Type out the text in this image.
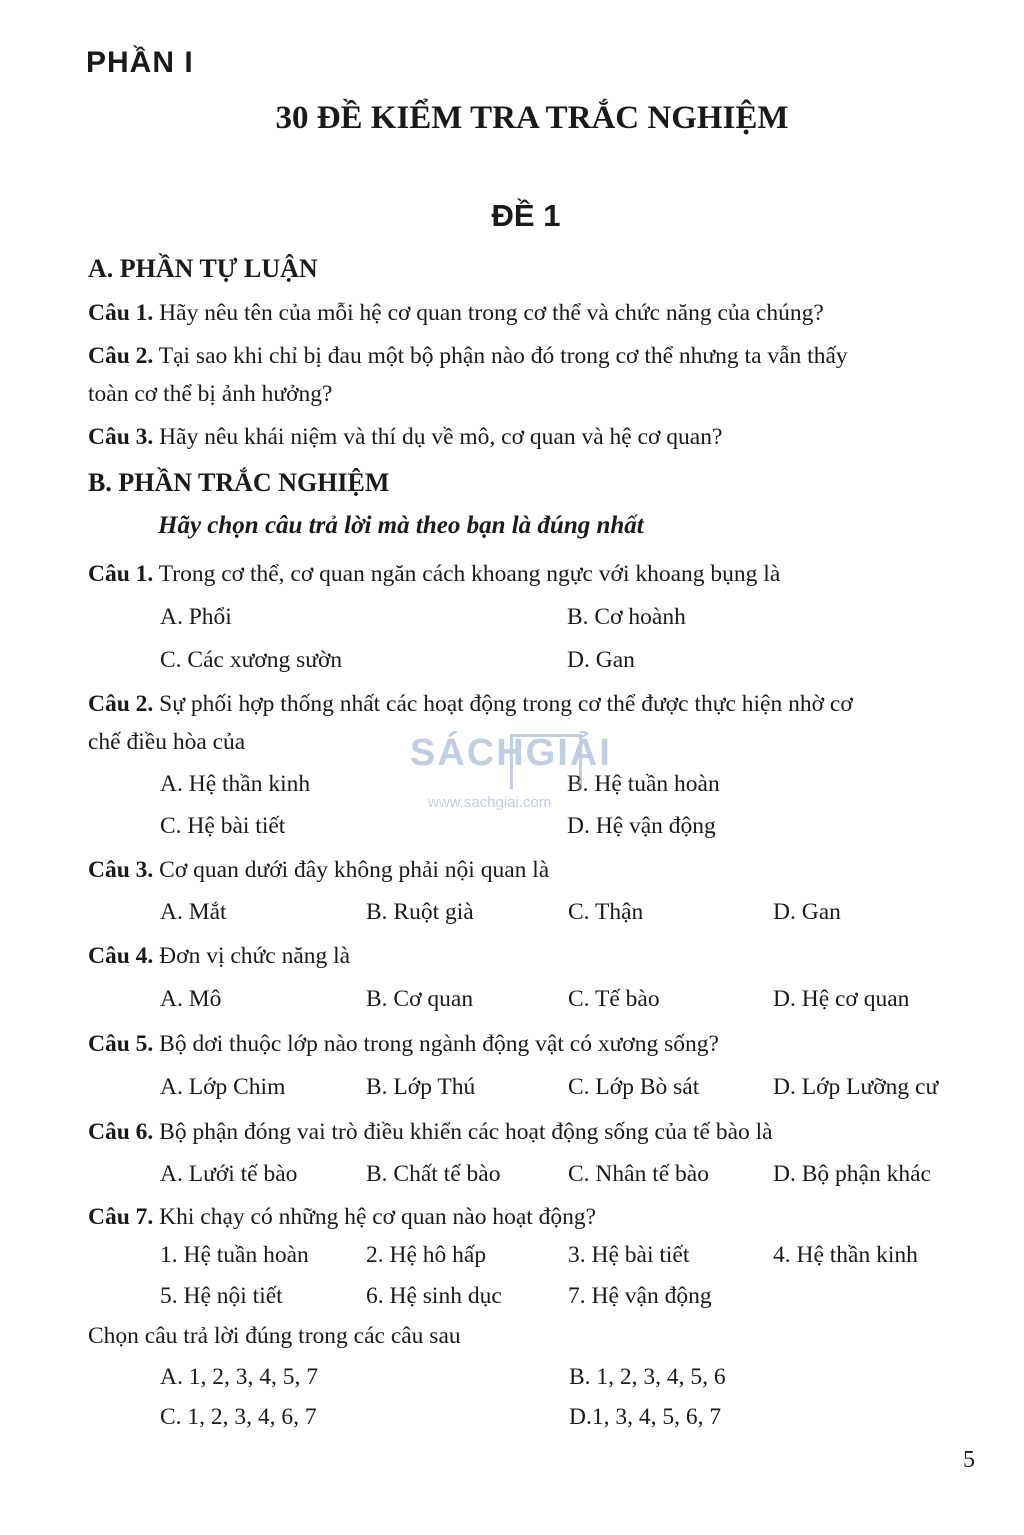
PHẦN I
30 ĐỀ KIỂM TRA TRẮC NGHIỆM
ĐỀ 1
A. PHẦN TỰ LUẬN
Câu 1. Hãy nêu tên của mỗi hệ cơ quan trong cơ thể và chức năng của chúng?
Câu 2. Tại sao khi chỉ bị đau một bộ phận nào đó trong cơ thể nhưng ta vẫn thấy
toàn cơ thể bị ảnh hưởng?
Câu 3. Hãy nêu khái niệm và thí dụ về mô, cơ quan và hệ cơ quan?
B. PHẦN TRẮC NGHIỆM
Hãy chọn câu trả lời mà theo bạn là đúng nhất
Câu 1. Trong cơ thể, cơ quan ngăn cách khoang ngực với khoang bụng là
A. Phổi	B. Cơ hoành
C. Các xương sườn	D. Gan
Câu 2. Sự phối hợp thống nhất các hoạt động trong cơ thể được thực hiện nhờ cơ
chế điều hòa của
A. Hệ thần kinh	B. Hệ tuần hoàn
C. Hệ bài tiết	D. Hệ vận động
Câu 3. Cơ quan dưới đây không phải nội quan là
A. Mắt	B. Ruột già	C. Thận	D. Gan
Câu 4. Đơn vị chức năng là
A. Mô	B. Cơ quan	C. Tế bào	D. Hệ cơ quan
Câu 5. Bộ dơi thuộc lớp nào trong ngành động vật có xương sống?
A. Lớp Chim	B. Lớp Thú	C. Lớp Bò sát	D. Lớp Lưỡng cư
Câu 6. Bộ phận đóng vai trò điều khiển các hoạt động sống của tế bào là
A. Lưới tế bào	B. Chất tế bào	C. Nhân tế bào	D. Bộ phận khác
Câu 7. Khi chạy có những hệ cơ quan nào hoạt động?
1. Hệ tuần hoàn 2. Hệ hô hấp	3. Hệ bài tiết	4. Hệ thần kinh
5. Hệ nội tiết	6. Hệ sinh dục	7. Hệ vận động
Chọn câu trả lời đúng trong các câu sau
A. 1, 2, 3, 4, 5, 7	B. 1, 2, 3, 4, 5, 6
C. 1, 2, 3, 4, 6, 7	D.1, 3, 4, 5, 6, 7
SÁCHGIẢI
www.sachgiai.com
5
